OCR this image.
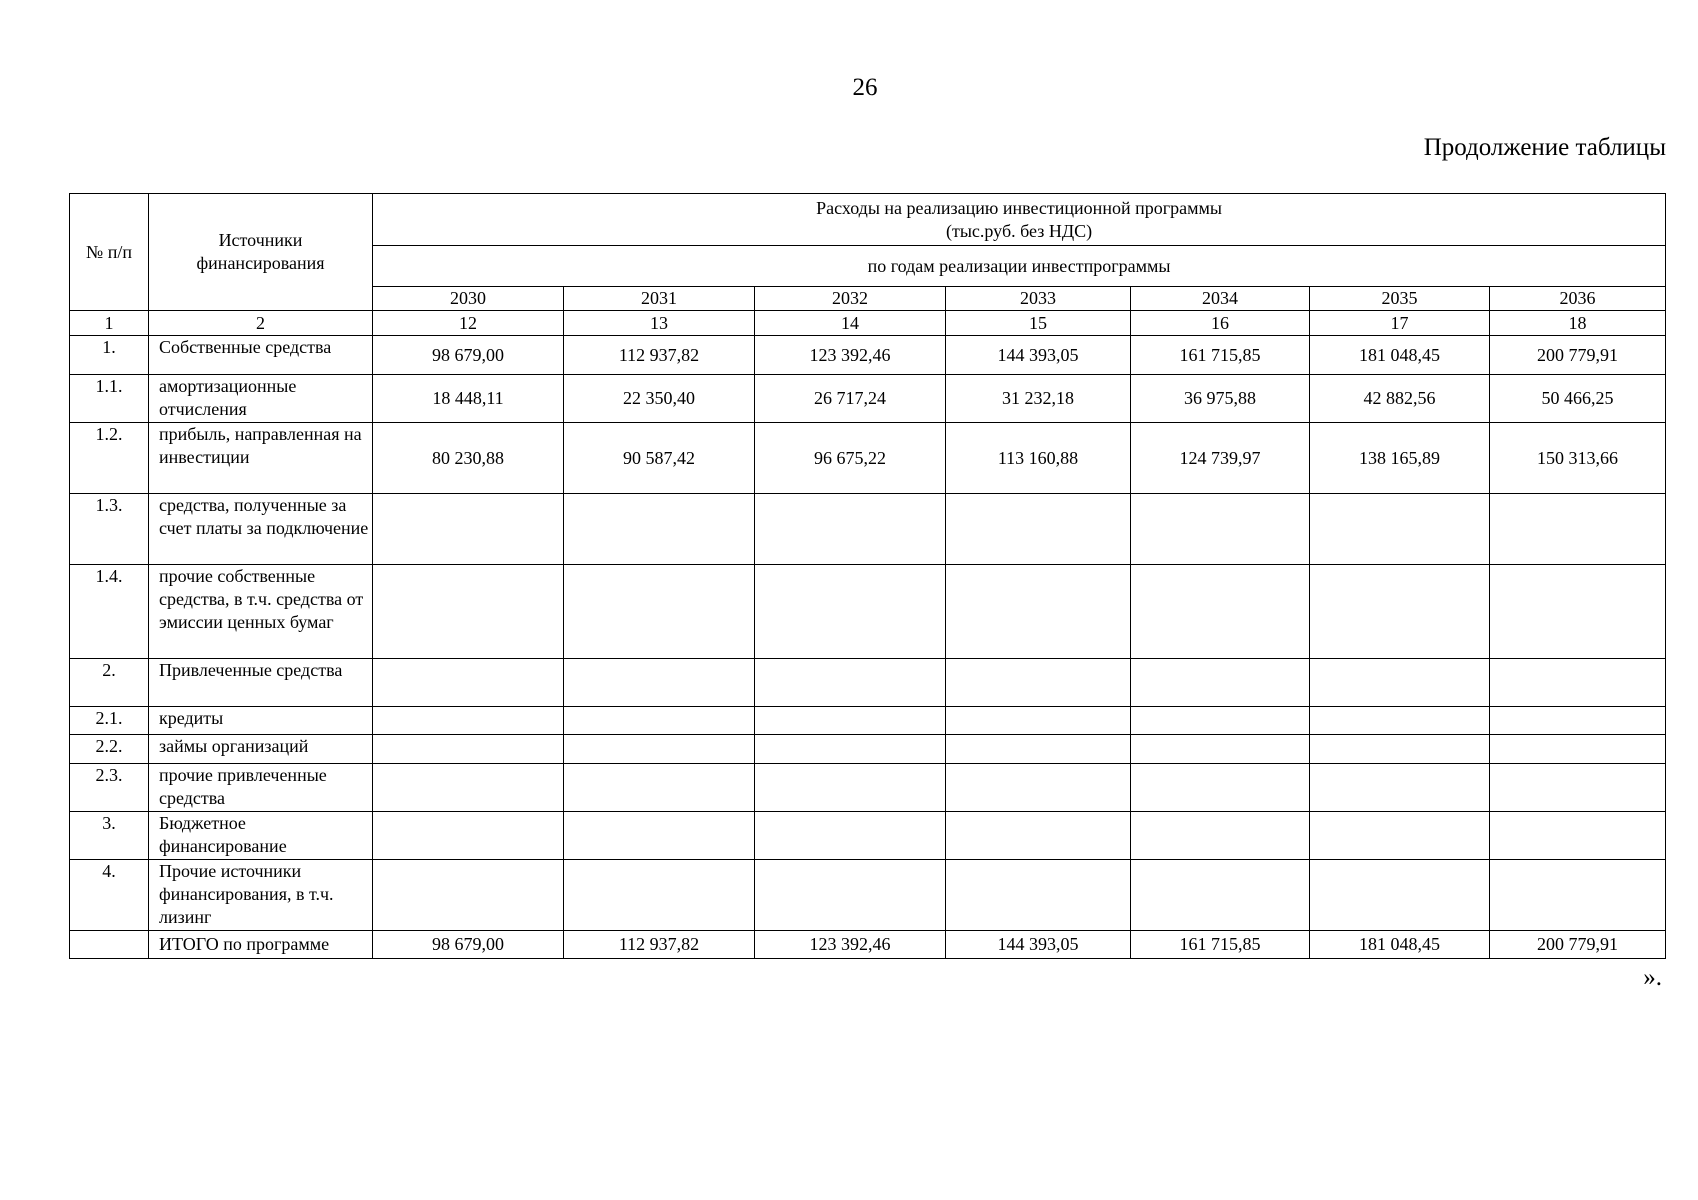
26
Продолжение таблицы
№ п/п	Источники финансирования	Расходы на реализацию инвестиционной программы
(тыс.руб. без НДС)						

		по годам реализации инвестпрограммы						
		2030	2031	2032	2033	2034	2035	2036
1	2	12	13	14	15	16	17	18
1.	Собственные средства	98 679,00	112 937,82	123 392,46	144 393,05	161 715,85	181 048,45	200 779,91
1.1.	амортизационные отчисления	18 448,11	22 350,40	26 717,24	31 232,18	36 975,88	42 882,56	50 466,25
1.2.	прибыль, направленная на инвестиции	80 230,88	90 587,42	96 675,22	113 160,88	124 739,97	138 165,89	150 313,66
1.3.	средства, полученные за счет платы за подключение							
1.4.	прочие собственные средства, в т.ч. средства от эмиссии ценных бумаг							
2.	Привлеченные средства							
2.1.	кредиты							
2.2.	займы организаций							
2.3.	прочие привлеченные средства							
3.	Бюджетное финансирование							
4.	Прочие источники финансирования, в т.ч. лизинг							
	ИТОГО по программе	98 679,00	112 937,82	123 392,46	144 393,05	161 715,85	181 048,45	200 779,91
».
